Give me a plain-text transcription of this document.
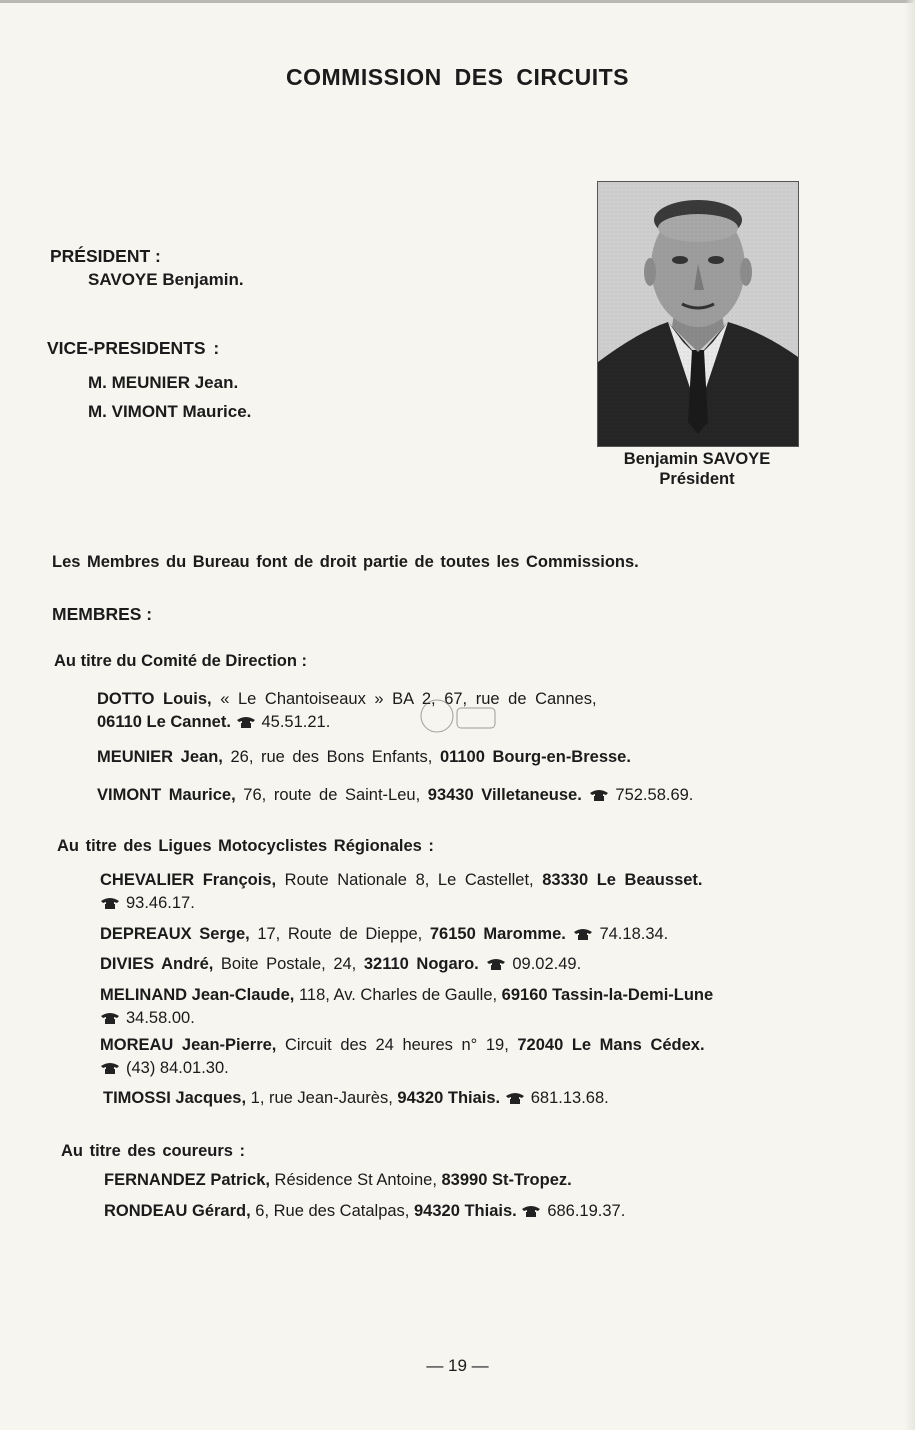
COMMISSION DES CIRCUITS
PRÉSIDENT :
SAVOYE Benjamin.
VICE-PRESIDENTS :
M. MEUNIER Jean.
M. VIMONT Maurice.
Benjamin SAVOYE
Président
Les Membres du Bureau font de droit partie de toutes les Commissions.
MEMBRES :
Au titre du Comité de Direction :
DOTTO Louis, « Le Chantoiseaux » BA 2, 67, rue de Cannes,
06110 Le Cannet. 45.51.21.
MEUNIER Jean, 26, rue des Bons Enfants, 01100 Bourg-en-Bresse.
VIMONT Maurice, 76, route de Saint-Leu, 93430 Villetaneuse. 752.58.69.
Au titre des Ligues Motocyclistes Régionales :
CHEVALIER François, Route Nationale 8, Le Castellet, 83330 Le Beausset.
93.46.17.
DEPREAUX Serge, 17, Route de Dieppe, 76150 Maromme. 74.18.34.
DIVIES André, Boite Postale, 24, 32110 Nogaro. 09.02.49.
MELINAND Jean-Claude, 118, Av. Charles de Gaulle, 69160 Tassin-la-Demi-Lune
34.58.00.
MOREAU Jean-Pierre, Circuit des 24 heures n° 19, 72040 Le Mans Cédex.
(43) 84.01.30.
TIMOSSI Jacques, 1, rue Jean-Jaurès, 94320 Thiais. 681.13.68.
Au titre des coureurs :
FERNANDEZ Patrick, Résidence St Antoine, 83990 St-Tropez.
RONDEAU Gérard, 6, Rue des Catalpas, 94320 Thiais. 686.19.37.
— 19 —
